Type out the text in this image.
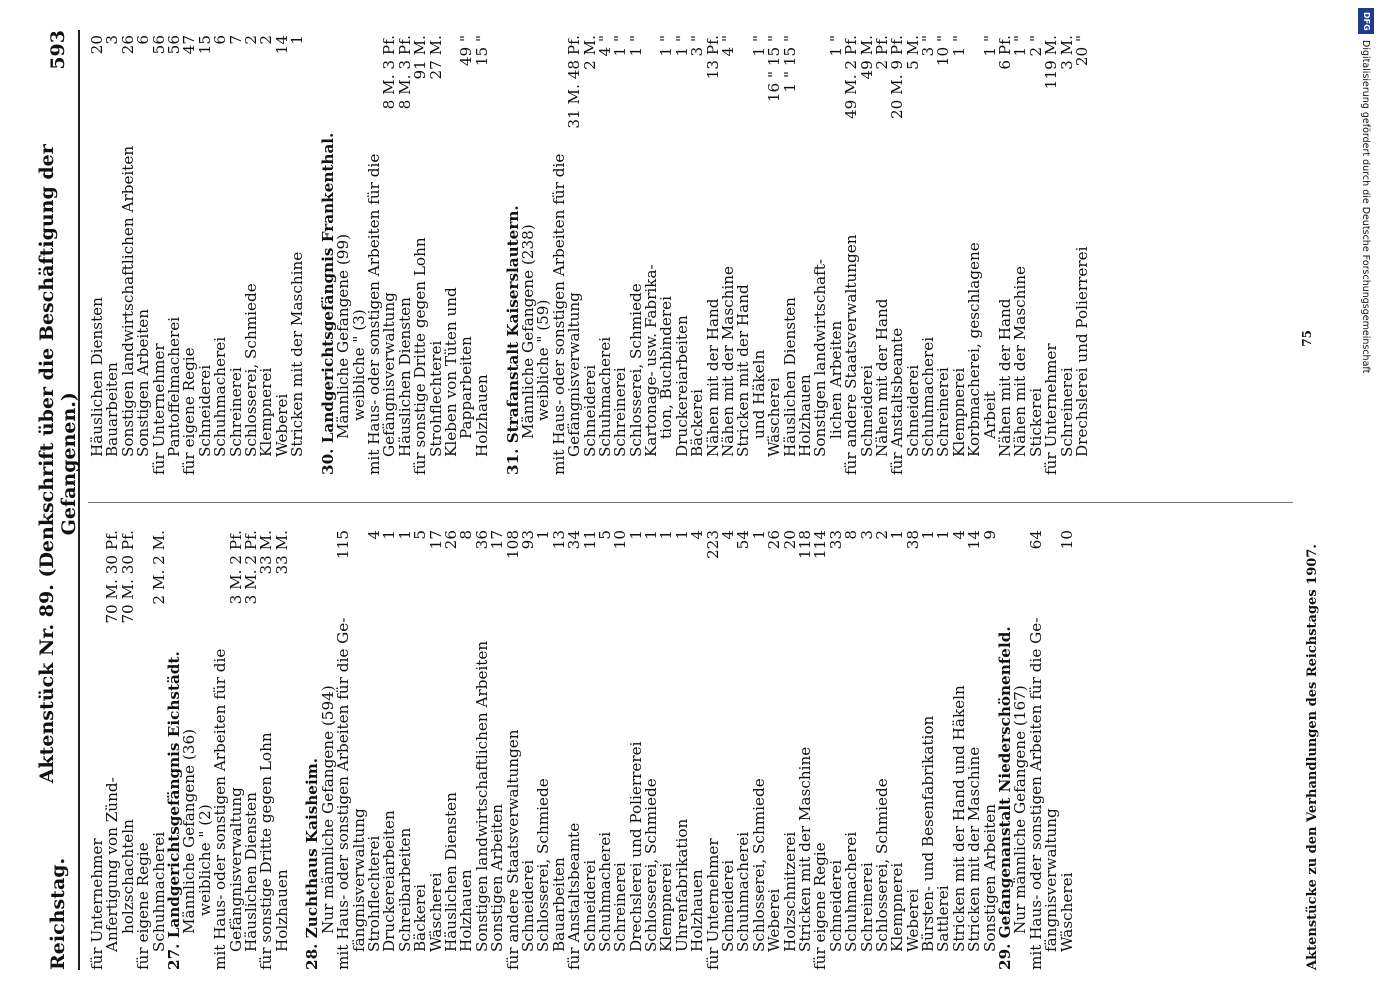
Reichstag.
Aktenstück Nr. 89. (Denkschrift über die Beschäftigung der Gefangenen.)
593
für Unternehmer
Anfertigung von Zünd-
70 M. 30 Pf.
holzschachteln
70 M. 30 Pf.
für eigene Regie
Schuhmacherei
2 M. 2 M.
27. Landgerichtsgefängnis Eichstädt.
Männliche Gefangene (36)
weibliche " (2)
mit Haus- oder sonstigen Arbeiten für die
Gefängnisverwaltung
3 M. 2 Pf.
Häuslichen Diensten
3 M. 2 Pf.
für sonstige Dritte gegen Lohn
33 M.
Holzhauen
33 M.
28. Zuchthaus Kaisheim.
Nur männliche Gefangene (594)
mit Haus- oder sonstigen Arbeiten für die Ge-
115
fängnisverwaltung
Strohflechterei
4
Druckereiarbeiten
1
Schreibarbeiten
1
Bäckerei
5
Wäscherei
17
Häuslichen Diensten
26
Holzhauen
8
Sonstigen landwirtschaftlichen Arbeiten
36
Sonstigen Arbeiten
17
für andere Staatsverwaltungen
108
Schneiderei
93
Schlosserei, Schmiede
1
Bauarbeiten
13
für Anstaltsbeamte
34
Schneiderei
11
Schuhmacherei
5
Schreinerei
10
Drechslerei und Polierrerei
1
Schlosserei, Schmiede
1
Klempnerei
1
Uhrenfabrikation
1
Holzhauen
4
für Unternehmer
223
Schneiderei
4
Schuhmacherei
54
Schlosserei, Schmiede
1
Weberei
26
Holzschnitzerei
20
Stricken mit der Maschine
118
für eigene Regie
114
Schneiderei
33
Schuhmacherei
8
Schreinerei
3
Schlosserei, Schmiede
2
Klempnerei
1
Weberei
38
Bürsten- und Besenfabrikation
1
Sattlerei
1
Stricken mit der Hand und Häkeln
4
Stricken mit der Maschine
14
Sonstigen Arbeiten
9
29. Gefangenanstalt Niederschönenfeld.
Nur männliche Gefangene (167)
mit Haus- oder sonstigen Arbeiten für die Ge-
64
fängnisverwaltung
Wäscherei
10
Häuslichen Diensten
20
Bauarbeiten
3
Sonstigen landwirtschaftlichen Arbeiten
26
Sonstigen Arbeiten
6
für Unternehmer
56
Pantoffelmacherei
56
für eigene Regie
47
Schneiderei
15
Schuhmacherei
6
Schreinerei
7
Schlosserei, Schmiede
2
Klempnerei
2
Weberei
14
Stricken mit der Maschine
1
30. Landgerichtsgefängnis Frankenthal.
Männliche Gefangene (99)
weibliche " (3)
mit Haus- oder sonstigen Arbeiten für die
Gefängnisverwaltung
8 M. 3 Pf.
Häuslichen Diensten
8 M. 3 Pf.
für sonstige Dritte gegen Lohn
91 M.
Strohflechterei
27 M.
Kleben von Tüten und
Papparbeiten
49 "
Holzhauen
15 "
31. Strafanstalt Kaiserslautern.
Männliche Gefangene (238)
weibliche " (59)
mit Haus- oder sonstigen Arbeiten für die
Gefängnisverwaltung
31 M. 48 Pf.
Schneiderei
2 M.
Schuhmacherei
4 "
Schreinerei
1 "
Schlosserei, Schmiede
1 "
Kartonage- usw. Fabrika-
tion, Buchbinderei
1 "
Druckereiarbeiten
1 "
Bäckerei
3 "
Nähen mit der Hand
13 Pf.
Nähen mit der Maschine
4 "
Stricken mit der Hand
und Häkeln
1 "
Wäscherei
16 " 15 "
Häuslichen Diensten
1 " 15 "
Holzhauen
Sonstigen landwirtschaft-
lichen Arbeiten
1 "
für andere Staatsverwaltungen
49 M. 2 Pf.
Schneiderei
49 M.
Nähen mit der Hand
2 Pf.
für Anstaltsbeamte
20 M. 9 Pf.
Schneiderei
5 M.
Schuhmacherei
3 "
Schreinerei
10 "
Klempnerei
1 "
Korbmacherei, geschlagene
Arbeit
1 "
Nähen mit der Hand
6 Pf.
Nähen mit der Maschine
1 "
Stickerei
2 "
für Unternehmer
119 M.
Schreinerei
3 M.
Drechslerei und Polierrerei
20 "
Aktenstücke zu den Verhandlungen des Reichstages 1907.
75
DFG
Digitalisierung gefördert durch die Deutsche Forschungsgemeinschaft
